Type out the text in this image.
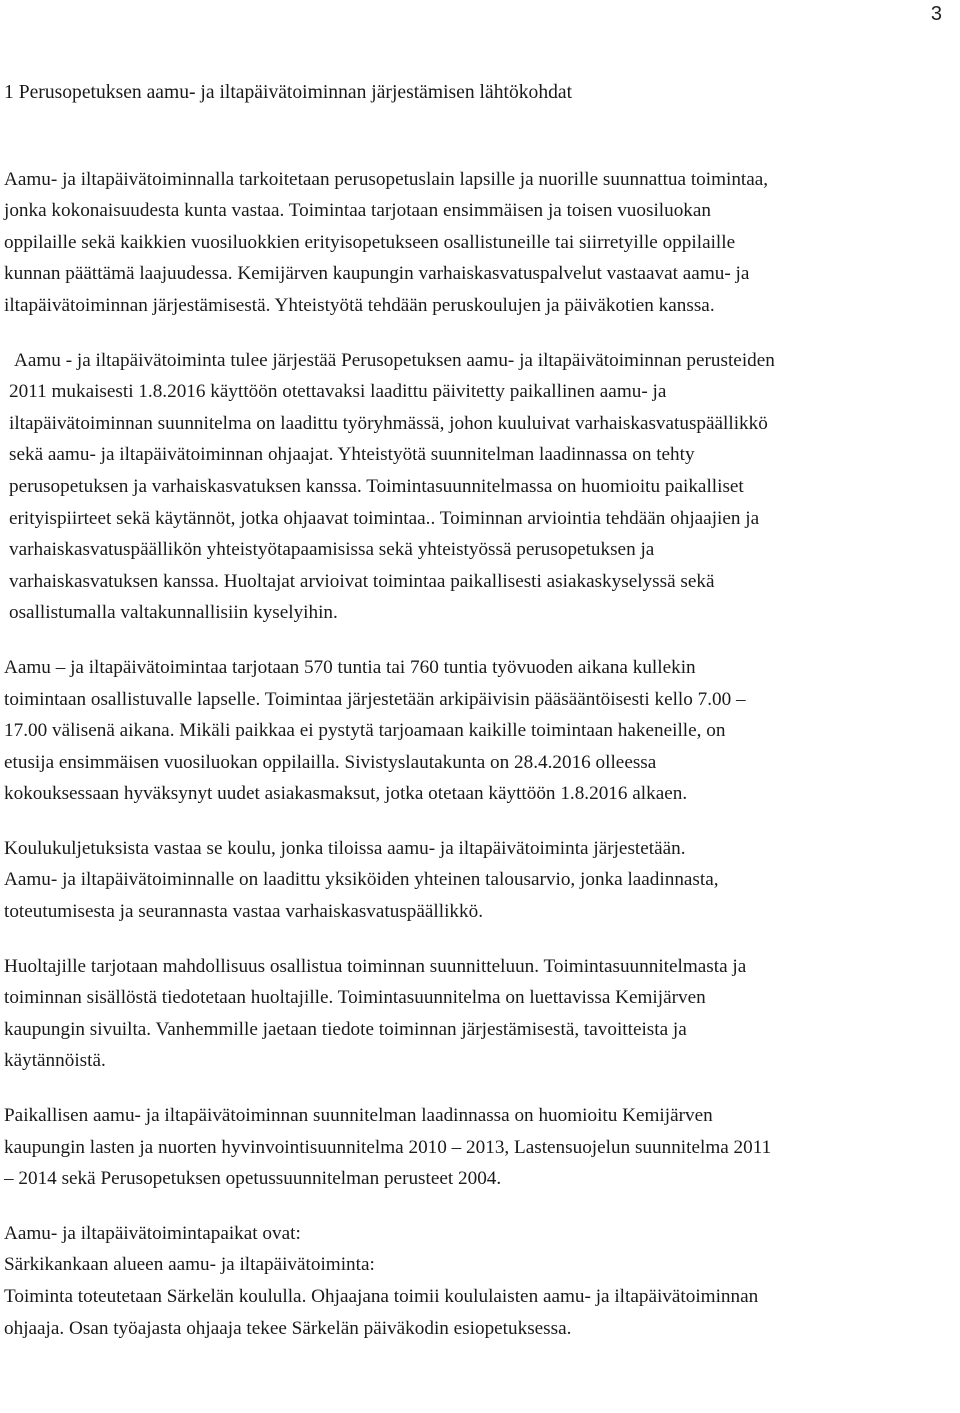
3
1 Perusopetuksen aamu- ja iltapäivätoiminnan järjestämisen lähtökohdat
Aamu- ja iltapäivätoiminnalla tarkoitetaan perusopetuslain lapsille ja nuorille suunnattua toimintaa,
jonka kokonaisuudesta kunta vastaa. Toimintaa tarjotaan ensimmäisen ja toisen vuosiluokan
oppilaille sekä kaikkien vuosiluokkien erityisopetukseen osallistuneille tai siirretyille oppilaille
kunnan päättämä laajuudessa. Kemijärven kaupungin varhaiskasvatuspalvelut vastaavat aamu- ja
iltapäivätoiminnan järjestämisestä. Yhteistyötä tehdään peruskoulujen ja päiväkotien kanssa.
Aamu - ja iltapäivätoiminta tulee järjestää Perusopetuksen aamu- ja iltapäivätoiminnan perusteiden
2011 mukaisesti 1.8.2016 käyttöön otettavaksi laadittu päivitetty paikallinen aamu- ja
iltapäivätoiminnan suunnitelma on laadittu työryhmässä, johon kuuluivat varhaiskasvatuspäällikkö
sekä aamu- ja iltapäivätoiminnan ohjaajat. Yhteistyötä suunnitelman laadinnassa on tehty
perusopetuksen ja varhaiskasvatuksen kanssa. Toimintasuunnitelmassa on huomioitu paikalliset
erityispiirteet sekä käytännöt, jotka ohjaavat toimintaa.. Toiminnan arviointia tehdään ohjaajien ja
varhaiskasvatuspäällikön yhteistyötapaamisissa sekä yhteistyössä perusopetuksen ja
varhaiskasvatuksen kanssa. Huoltajat arvioivat toimintaa paikallisesti asiakaskyselyssä sekä
osallistumalla valtakunnallisiin kyselyihin.
Aamu – ja iltapäivätoimintaa tarjotaan 570 tuntia tai 760 tuntia työvuoden aikana kullekin
toimintaan osallistuvalle lapselle. Toimintaa järjestetään arkipäivisin pääsääntöisesti kello 7.00 –
17.00 välisenä aikana. Mikäli paikkaa ei pystytä tarjoamaan kaikille toimintaan hakeneille, on
etusija ensimmäisen vuosiluokan oppilailla. Sivistyslautakunta on 28.4.2016 olleessa
kokouksessaan hyväksynyt uudet asiakasmaksut, jotka otetaan käyttöön 1.8.2016 alkaen.
Koulukuljetuksista vastaa se koulu, jonka tiloissa aamu- ja iltapäivätoiminta järjestetään.
Aamu- ja iltapäivätoiminnalle on laadittu yksiköiden yhteinen talousarvio, jonka laadinnasta,
toteutumisesta ja seurannasta vastaa varhaiskasvatuspäällikkö.
Huoltajille tarjotaan mahdollisuus osallistua toiminnan suunnitteluun. Toimintasuunnitelmasta ja
toiminnan sisällöstä tiedotetaan huoltajille. Toimintasuunnitelma on luettavissa Kemijärven
kaupungin sivuilta. Vanhemmille jaetaan tiedote toiminnan järjestämisestä, tavoitteista ja
käytännöistä.
Paikallisen aamu- ja iltapäivätoiminnan suunnitelman laadinnassa on huomioitu Kemijärven
kaupungin lasten ja nuorten hyvinvointisuunnitelma 2010 – 2013, Lastensuojelun suunnitelma 2011
– 2014 sekä Perusopetuksen opetussuunnitelman perusteet 2004.
Aamu- ja iltapäivätoimintapaikat ovat:
Särkikankaan alueen aamu- ja iltapäivätoiminta:
Toiminta toteutetaan Särkelän koululla. Ohjaajana toimii koululaisten aamu- ja iltapäivätoiminnan
ohjaaja. Osan työajasta ohjaaja tekee Särkelän päiväkodin esiopetuksessa.
